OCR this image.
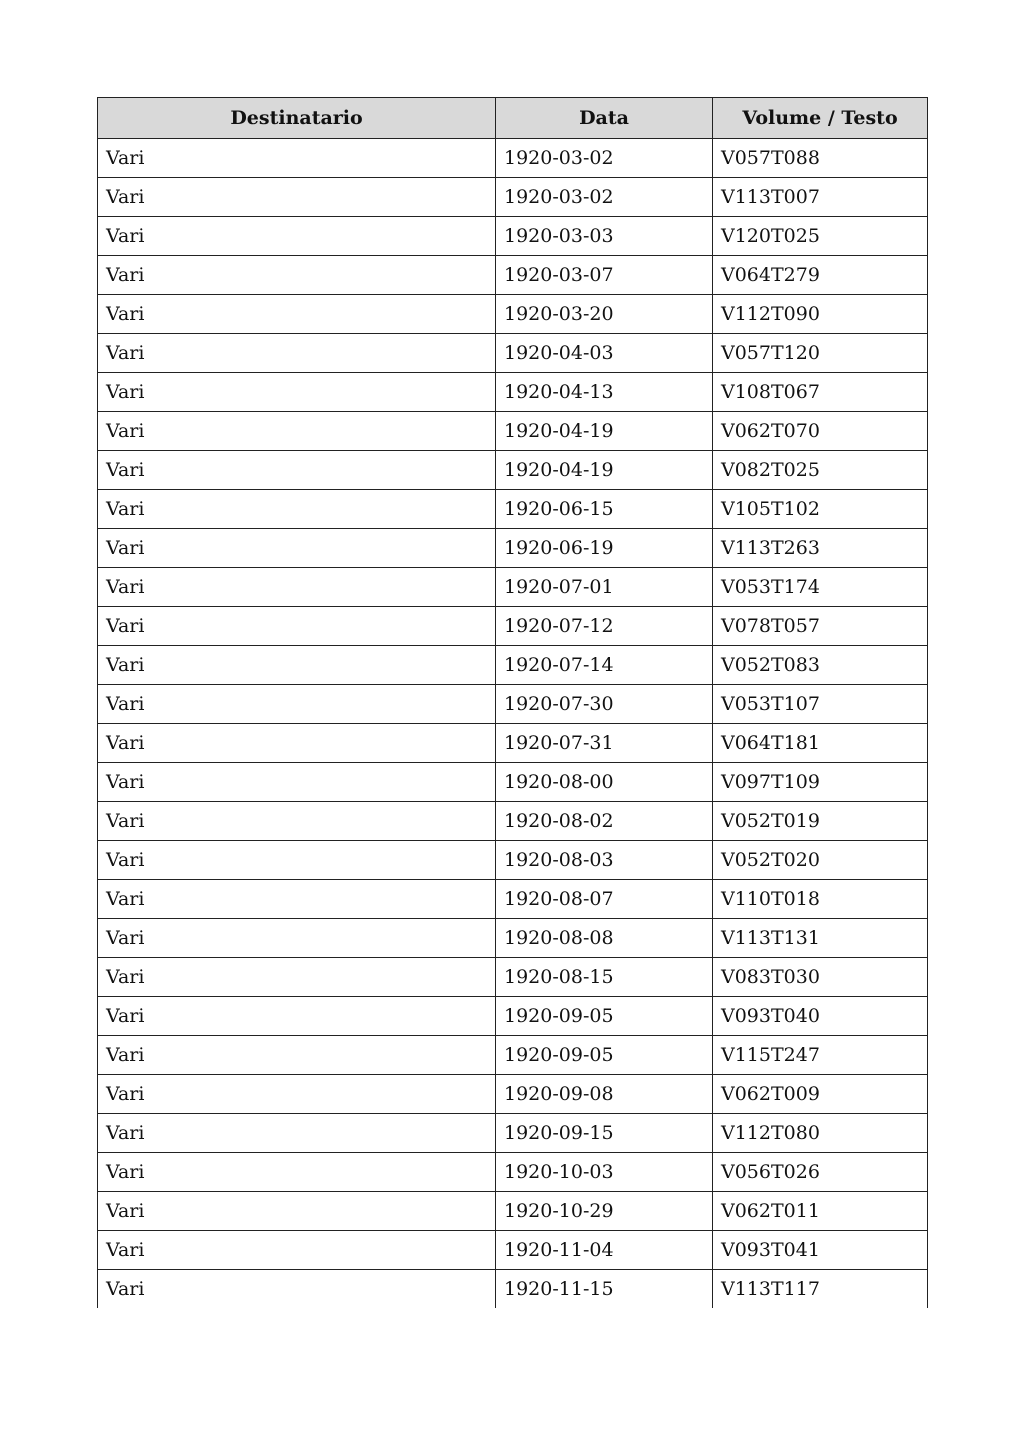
Destinatario	Data	Volume / Testo
Vari	1920-03-02	V057T088
Vari	1920-03-02	V113T007
Vari	1920-03-03	V120T025
Vari	1920-03-07	V064T279
Vari	1920-03-20	V112T090
Vari	1920-04-03	V057T120
Vari	1920-04-13	V108T067
Vari	1920-04-19	V062T070
Vari	1920-04-19	V082T025
Vari	1920-06-15	V105T102
Vari	1920-06-19	V113T263
Vari	1920-07-01	V053T174
Vari	1920-07-12	V078T057
Vari	1920-07-14	V052T083
Vari	1920-07-30	V053T107
Vari	1920-07-31	V064T181
Vari	1920-08-00	V097T109
Vari	1920-08-02	V052T019
Vari	1920-08-03	V052T020
Vari	1920-08-07	V110T018
Vari	1920-08-08	V113T131
Vari	1920-08-15	V083T030
Vari	1920-09-05	V093T040
Vari	1920-09-05	V115T247
Vari	1920-09-08	V062T009
Vari	1920-09-15	V112T080
Vari	1920-10-03	V056T026
Vari	1920-10-29	V062T011
Vari	1920-11-04	V093T041
Vari	1920-11-15	V113T117
